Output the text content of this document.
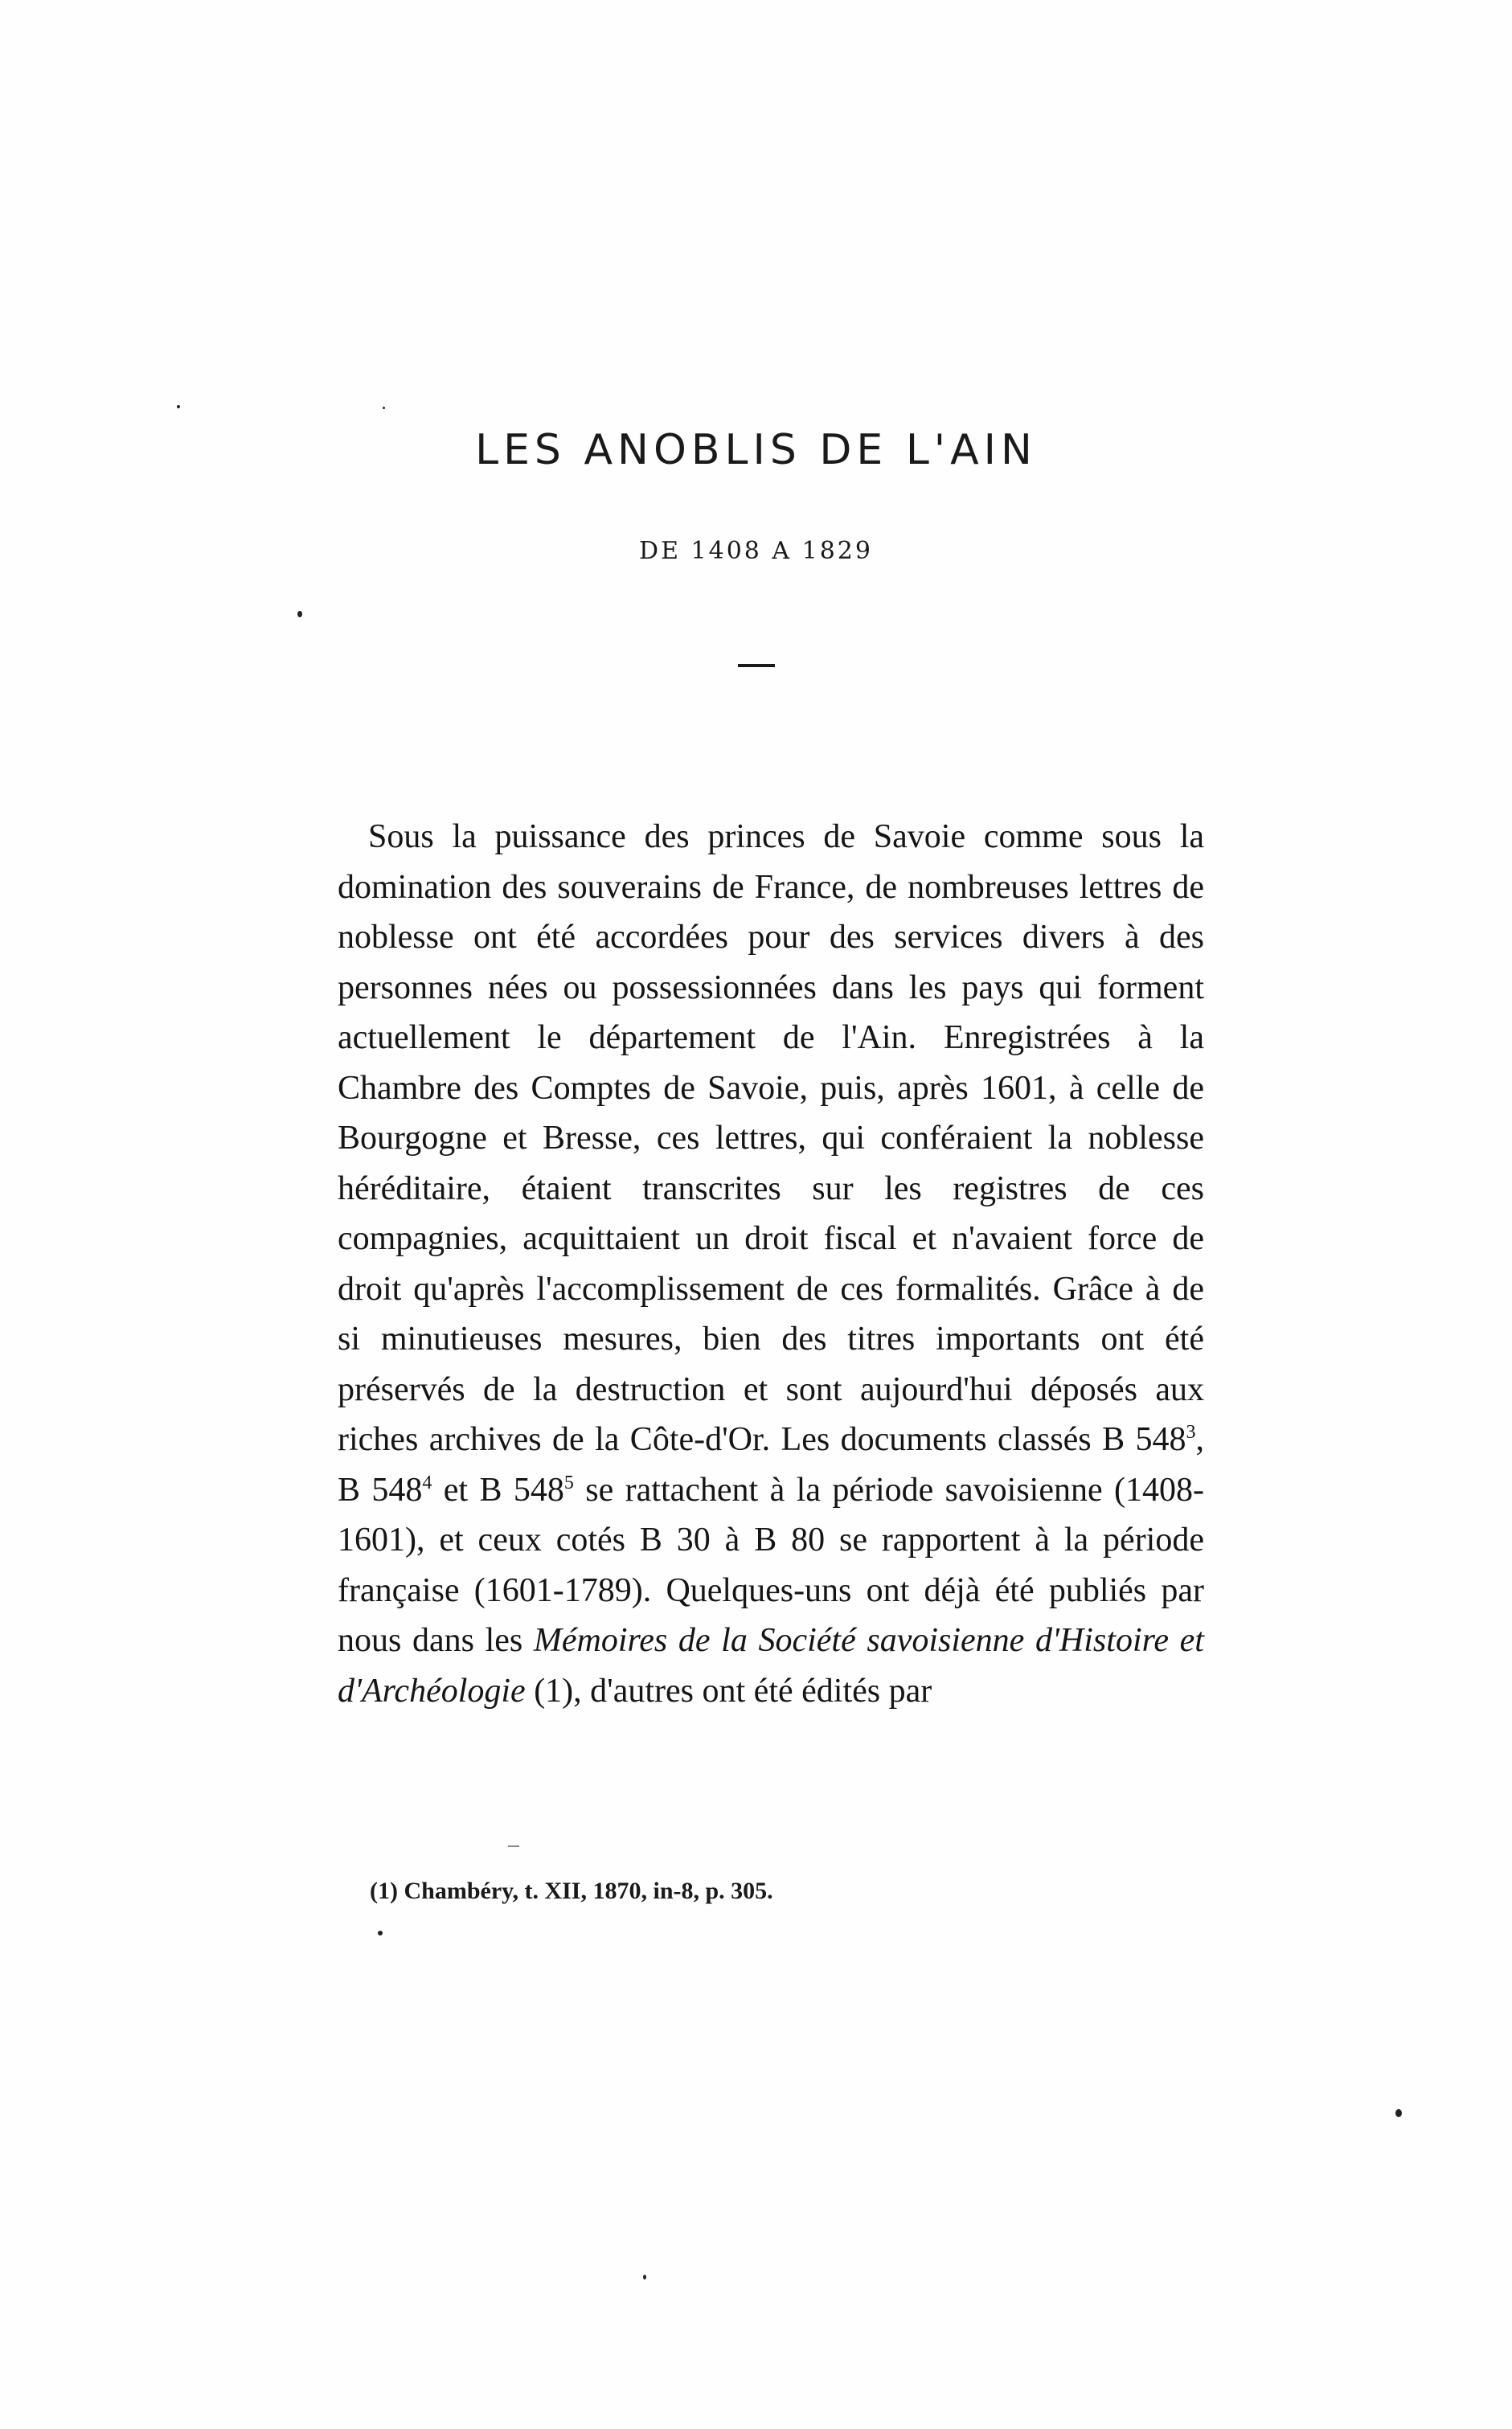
LES ANOBLIS DE L'AIN
DE 1408 A 1829

Sous la puissance des princes de Savoie comme sous la domination des souverains de France, de nombreuses lettres de noblesse ont été accordées pour des services divers à des personnes nées ou possessionnées dans les pays qui forment actuellement le département de l'Ain. Enregistrées à la Chambre des Comptes de Savoie, puis, après 1601, à celle de Bourgogne et Bresse, ces lettres, qui conféraient la noblesse héréditaire, étaient transcrites sur les registres de ces compagnies, acquittaient un droit fiscal et n'avaient force de droit qu'après l'accomplissement de ces formalités. Grâce à de si minutieuses mesures, bien des titres importants ont été préservés de la destruction et sont aujourd'hui déposés aux riches archives de la Côte-d'Or. Les documents classés B $548^3$, B $548^4$ et B $548^5$ se rattachent à la période savoisienne (1408-1601), et ceux cotés B 30 à B 80 se rapportent à la période française (1601-1789). Quelques-uns ont déjà été publiés par nous dans les Mémoires de la Société savoisienne d'Histoire et d'Archéologie (1), d'autres ont été édités par

(1) Chambéry, t. XII, 1870, in-8, p. 305.
